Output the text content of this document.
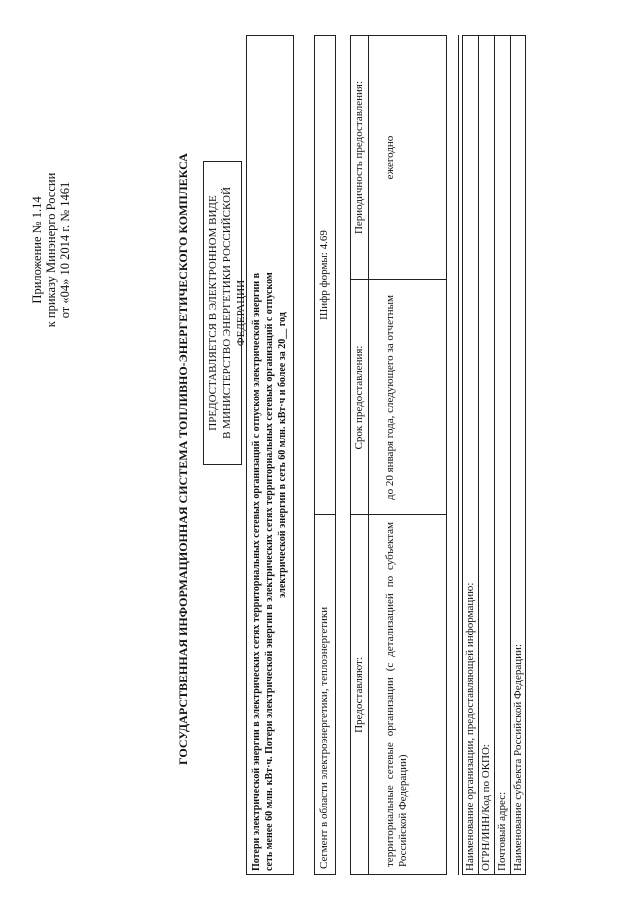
Приложение № 1.14 к приказу Минэнерго России от «04» 10 2014 г. № 1461	ГОСУДАРСТВЕННАЯ ИНФОРМАЦИОННАЯ СИСТЕМА ТОПЛИВНО-ЭНЕРГЕТИЧЕСКОГО КОМПЛЕКСА ПРЕДОСТАВЛЯЕТСЯ В ЭЛЕКТРОННОМ ВИДЕ В МИНИСТЕРСТВО ЭНЕРГЕТИКИ РОССИЙСКОЙ ФЕДЕРАЦИИ Потери электрической энергии в электрических сетях территориальных сетевых организаций с отпуском электрической энергии в сеть менее 60 млн. кВт·ч. Потери электрической энергии в электрических сетях территориальных сетевых организаций с отпуском электрической энергии в сеть 60 млн. кВт·ч и более за 20__ год
Сегмент в области электроэнергетики, теплоэнергетики
Шифр формы: 4.69
Предоставляют:
Срок предоставления:
Периодичность предоставления:
территориальные сетевые организации (с детализацией по субъектам Российской Федерации)
до 20 января года, следующего за отчетным
ежегодно
Наименование организации, предоставляющей информацию: ОГРН/ИНН/Код по ОКПО: Почтовый адрес: Наименование субъекта Российской Федерации:
